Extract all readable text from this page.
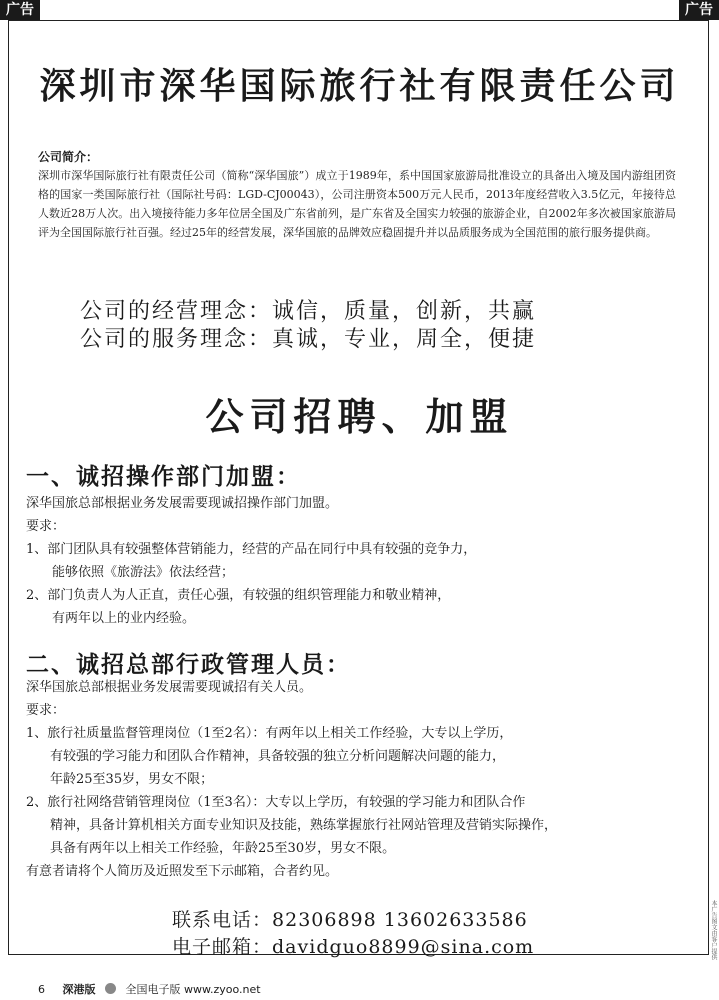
广告	广告
深圳市深华国际旅行社有限责任公司
公司简介：
深圳市深华国际旅行社有限责任公司（简称“深华国旅”）成立于1989年，系中国国家旅游局批准设立的具备出入境及国内游组团资格的国家一类国际旅行社（国际社号码：LGD-CJ00043），公司注册资本500万元人民币，2013年度经营收入3.5亿元，年接待总人数近28万人次。出入境接待能力多年位居全国及广东省前列，是广东省及全国实力较强的旅游企业，自2002年多次被国家旅游局评为全国国际旅行社百强。经过25年的经营发展，深华国旅的品牌效应稳固提升并以品质服务成为全国范围的旅行服务提供商。
公司的经营理念：诚信，质量，创新，共赢
公司的服务理念：真诚，专业，周全，便捷
公司招聘、加盟
一、诚招操作部门加盟：
深华国旅总部根据业务发展需要现诚招操作部门加盟。
要求：
1、部门团队具有较强整体营销能力，经营的产品在同行中具有较强的竞争力，
能够依照《旅游法》依法经营；
2、部门负责人为人正直，责任心强，有较强的组织管理能力和敬业精神，
有两年以上的业内经验。
二、诚招总部行政管理人员：
深华国旅总部根据业务发展需要现诚招有关人员。
要求：
1、旅行社质量监督管理岗位（1至2名）：有两年以上相关工作经验，大专以上学历，
有较强的学习能力和团队合作精神，具备较强的独立分析问题解决问题的能力，
年龄25至35岁，男女不限；
2、旅行社网络营销管理岗位（1至3名）：大专以上学历，有较强的学习能力和团队合作
精神，具备计算机相关方面专业知识及技能，熟练掌握旅行社网站管理及营销实际操作，
具备有两年以上相关工作经验，年龄25至30岁，男女不限。
有意者请将个人简历及近照发至下示邮箱，合者约见。
联系电话：82306898 13602633586
电子邮箱：davidguo8899@sina.com	本广告图文由客户提供
6 深港版	全国电子版 www.zyoo.net
